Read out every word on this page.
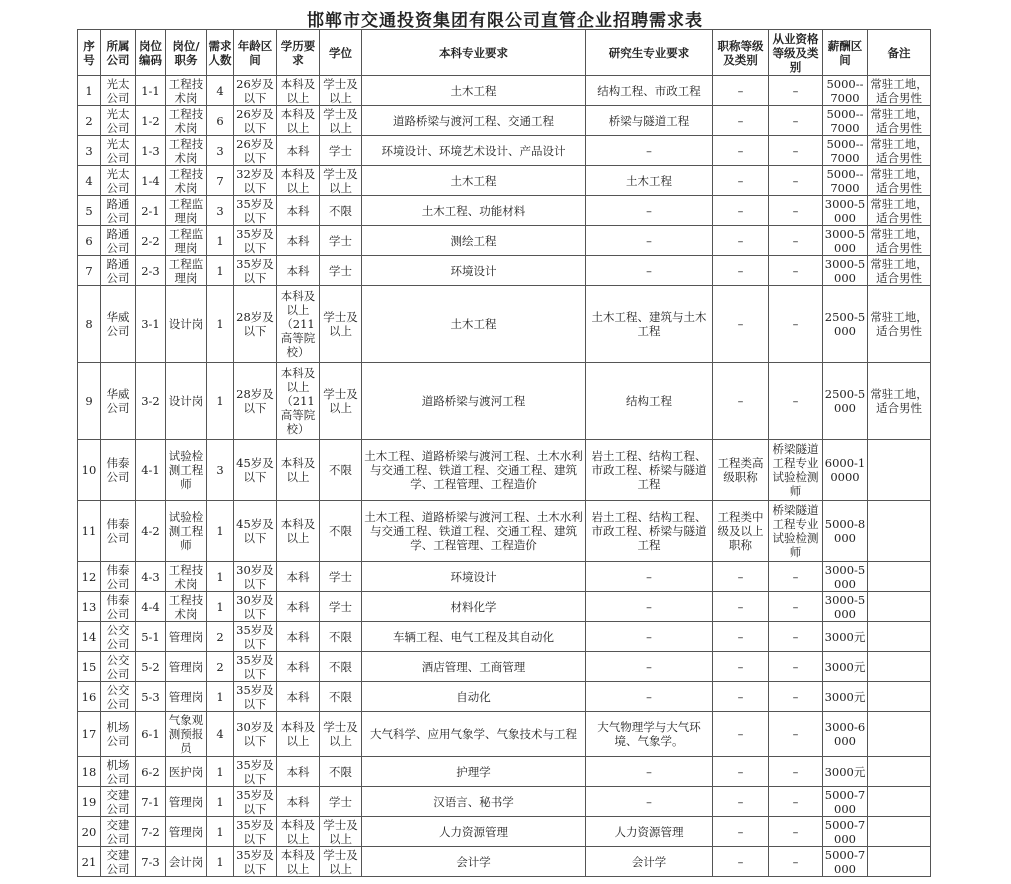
邯郸市交通投资集团有限公司直管企业招聘需求表
序号	所属公司	岗位编码	岗位/职务	需求人数	年龄区间	学历要求	学位	本科专业要求	研究生专业要求	职称等级及类别	从业资格等级及类别	薪酬区间	备注
1	光太公司	1-1	工程技术岗	4	26岁及以下	本科及以上	学士及以上	土木工程	结构工程、市政工程	–	–	5000--7000	常驻工地，适合男性
2	光太公司	1-2	工程技术岗	6	26岁及以下	本科及以上	学士及以上	道路桥梁与渡河工程、交通工程	桥梁与隧道工程	–	–	5000--7000	常驻工地，适合男性
3	光太公司	1-3	工程技术岗	3	26岁及以下	本科	学士	环境设计、环境艺术设计、产品设计	–	–	–	5000--7000	常驻工地，适合男性
4	光太公司	1-4	工程技术岗	7	32岁及以下	本科及以上	学士及以上	土木工程	土木工程	–	–	5000--7000	常驻工地，适合男性
5	路通公司	2-1	工程监理岗	3	35岁及以下	本科	不限	土木工程、功能材料	–	–	–	3000-5000	常驻工地，适合男性
6	路通公司	2-2	工程监理岗	1	35岁及以下	本科	学士	测绘工程	–	–	–	3000-5000	常驻工地，适合男性
7	路通公司	2-3	工程监理岗	1	35岁及以下	本科	学士	环境设计	–	–	–	3000-5000	常驻工地，适合男性
8	华威公司	3-1	设计岗	1	28岁及以下	本科及以上（211高等院校）	学士及以上	土木工程	土木工程、建筑与土木工程	–	–	2500-5000	常驻工地，适合男性
9	华威公司	3-2	设计岗	1	28岁及以下	本科及以上（211高等院校）	学士及以上	道路桥梁与渡河工程	结构工程	–	–	2500-5000	常驻工地，适合男性
10	伟泰公司	4-1	试验检测工程师	3	45岁及以下	本科及以上	不限	土木工程、道路桥梁与渡河工程、土木水利与交通工程、铁道工程、交通工程、建筑学、工程管理、工程造价	岩土工程、结构工程、市政工程、桥梁与隧道工程	工程类高级职称	桥梁隧道工程专业试验检测师	6000-10000	
11	伟泰公司	4-2	试验检测工程师	1	45岁及以下	本科及以上	不限	土木工程、道路桥梁与渡河工程、土木水利与交通工程、铁道工程、交通工程、建筑学、工程管理、工程造价	岩土工程、结构工程、市政工程、桥梁与隧道工程	工程类中级及以上职称	桥梁隧道工程专业试验检测师	5000-8000	
12	伟泰公司	4-3	工程技术岗	1	30岁及以下	本科	学士	环境设计	–	–	–	3000-5000	
13	伟泰公司	4-4	工程技术岗	1	30岁及以下	本科	学士	材料化学	–	–	–	3000-5000	
14	公交公司	5-1	管理岗	2	35岁及以下	本科	不限	车辆工程、电气工程及其自动化	–	–	–	3000元	
15	公交公司	5-2	管理岗	2	35岁及以下	本科	不限	酒店管理、工商管理	–	–	–	3000元	
16	公交公司	5-3	管理岗	1	35岁及以下	本科	不限	自动化	–	–	–	3000元	
17	机场公司	6-1	气象观测预报员	4	30岁及以下	本科及以上	学士及以上	大气科学、应用气象学、气象技术与工程	大气物理学与大气环境、气象学。	–	–	3000-6000	
18	机场公司	6-2	医护岗	1	35岁及以下	本科	不限	护理学	–	–	–	3000元	
19	交建公司	7-1	管理岗	1	35岁及以下	本科	学士	汉语言、秘书学	–	–	–	5000-7000	
20	交建公司	7-2	管理岗	1	35岁及以下	本科及以上	学士及以上	人力资源管理	人力资源管理	–	–	5000-7000	
21	交建公司	7-3	会计岗	1	35岁及以下	本科及以上	学士及以上	会计学	会计学	–	–	5000-7000	
